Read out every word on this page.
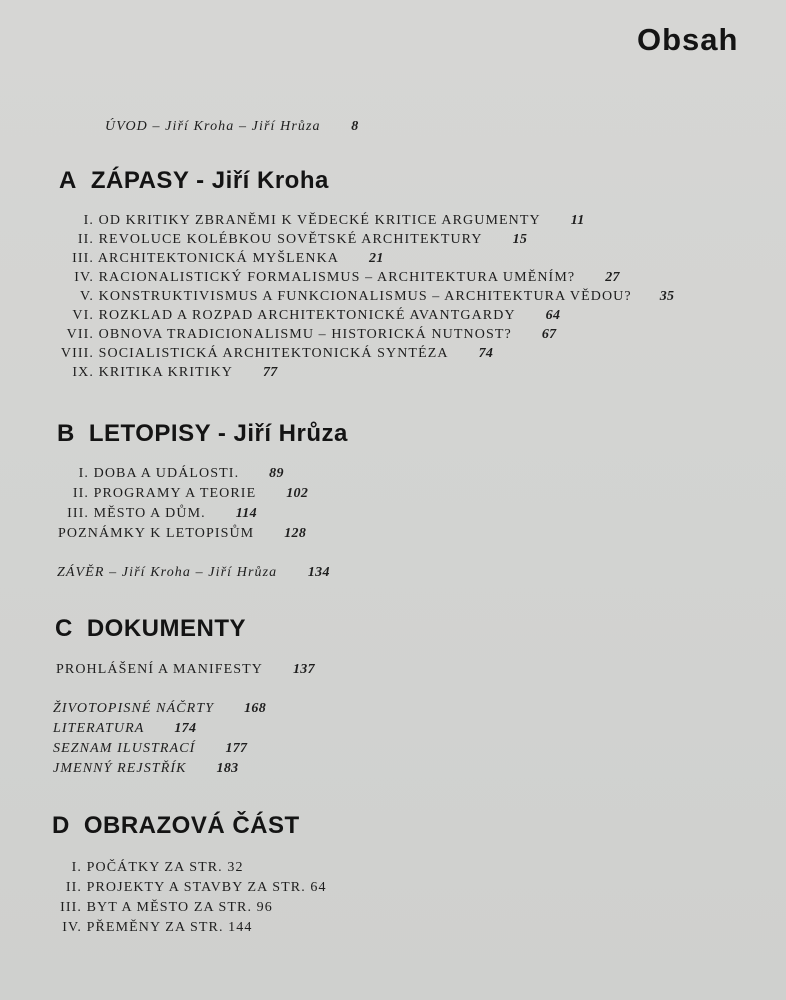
Obsah
ÚVOD – Jiří Kroha – Jiří Hrůza 8
A ZÁPASY - Jiří Kroha
I. OD KRITIKY ZBRANĚMI K VĚDECKÉ KRITICE ARGUMENTY 11
II. REVOLUCE KOLÉBKOU SOVĚTSKÉ ARCHITEKTURY 15
III. ARCHITEKTONICKÁ MYŠLENKA 21
IV. RACIONALISTICKÝ FORMALISMUS – ARCHITEKTURA UMĚNÍM? 27
V. KONSTRUKTIVISMUS A FUNKCIONALISMUS – ARCHITEKTURA VĚDOU? 35
VI. ROZKLAD A ROZPAD ARCHITEKTONICKÉ AVANTGARDY 64
VII. OBNOVA TRADICIONALISMU – HISTORICKÁ NUTNOST? 67
VIII. SOCIALISTICKÁ ARCHITEKTONICKÁ SYNTÉZA 74
IX. KRITIKA KRITIKY 77
B LETOPISY - Jiří Hrůza
I. DOBA A UDÁLOSTI. 89
II. PROGRAMY A TEORIE 102
III. MĚSTO A DŮM. 114
POZNÁMKY K LETOPISŮM 128
ZÁVĚR – Jiří Kroha – Jiří Hrůza 134
C DOKUMENTY
PROHLÁŠENÍ A MANIFESTY 137
ŽIVOTOPISNÉ NÁČRTY 168
LITERATURA 174
SEZNAM ILUSTRACÍ 177
JMENNÝ REJSTŘÍK 183
D OBRAZOVÁ ČÁST
I. POČÁTKY ZA STR. 32
II. PROJEKTY A STAVBY ZA STR. 64
III. BYT A MĚSTO ZA STR. 96
IV. PŘEMĚNY ZA STR. 144
